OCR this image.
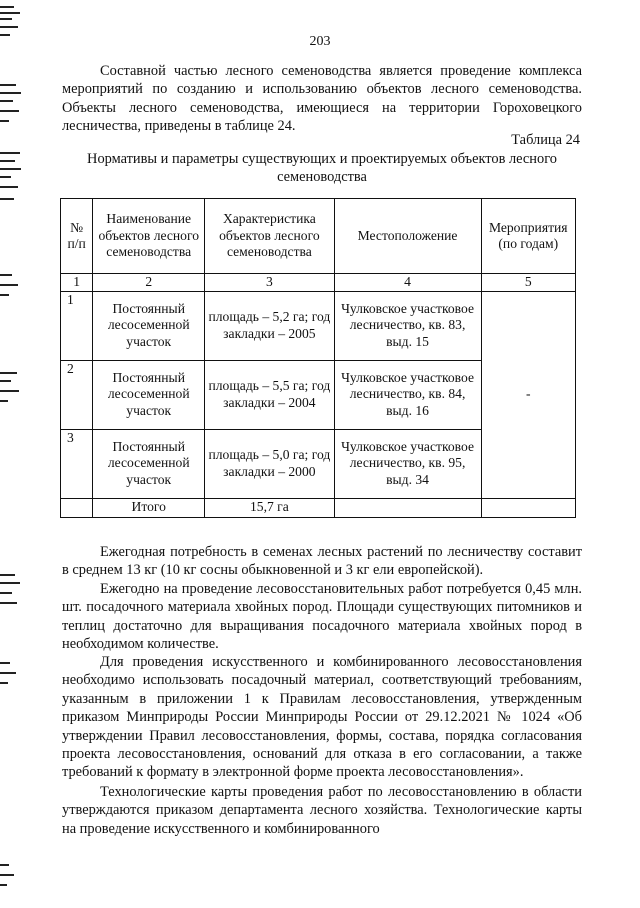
203
Составной частью лесного семеноводства является проведение комплекса мероприятий по созданию и использованию объектов лесного семеноводства. Объекты лесного семеноводства, имеющиеся на территории Гороховецкого лесничества, приведены в таблице 24.
Таблица 24
Нормативы и параметры существующих и проектируемых объектов лесного семеноводства
№ п/п	Наименование объектов лесного семеноводства	Характеристика объектов лесного семеноводства	Местоположение	Мероприятия (по годам)
1	2	3	4	5
1	Постоянный лесосеменной участок	площадь – 5,2 га; год закладки – 2005	Чулковское участковое лесничество, кв. 83, выд. 15	-
2	Постоянный лесосеменной участок	площадь – 5,5 га; год закладки – 2004	Чулковское участковое лесничество, кв. 84, выд. 16	
3	Постоянный лесосеменной участок	площадь – 5,0 га; год закладки – 2000	Чулковское участковое лесничество, кв. 95, выд. 34	
	Итого	15,7 га		
Ежегодная потребность в семенах лесных растений по лесничеству составит в среднем 13 кг (10 кг сосны обыкновенной и 3 кг ели европейской).
Ежегодно на проведение лесовосстановительных работ потребуется 0,45 млн. шт. посадочного материала хвойных пород. Площади существующих питомников и теплиц достаточно для выращивания посадочного материала хвойных пород в необходимом количестве.
Для проведения искусственного и комбинированного лесовосстановления необходимо использовать посадочный материал, соответствующий требованиям, указанным в приложении 1 к Правилам лесовосстановления, утвержденным приказом Минприроды России Минприроды России от 29.12.2021 № 1024 «Об утверждении Правил лесовосстановления, формы, состава, порядка согласования проекта лесовосстановления, оснований для отказа в его согласовании, а также требований к формату в электронной форме проекта лесовосстановления».
Технологические карты проведения работ по лесовосстановлению в области утверждаются приказом департамента лесного хозяйства. Технологические карты на проведение искусственного и комбинированного
